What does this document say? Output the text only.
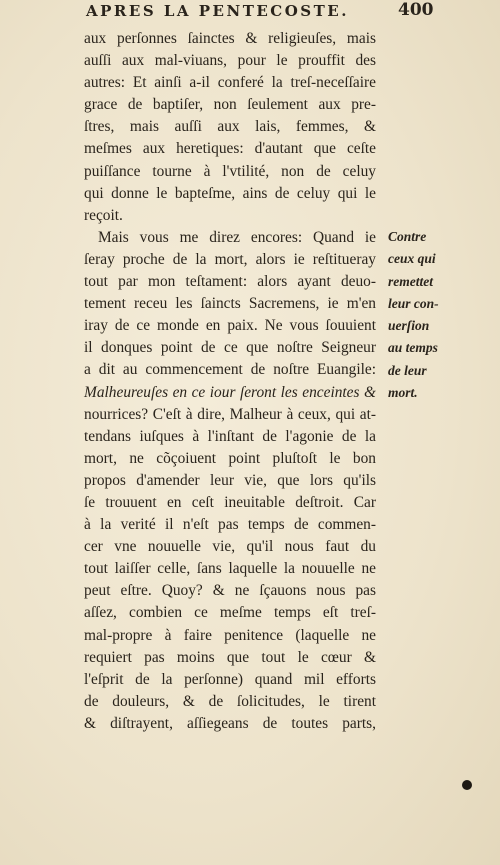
APRES LA PENTECOSTE.	400
aux perſonnes ſainctes & religieuſes, mais
auſſi aux mal-viuans, pour le prouffit des
autres: Et ainſi a-il conferé la treſ-neceſſaire
grace de baptiſer, non ſeulement aux pre-
ſtres, mais auſſi aux lais, femmes, &
meſmes aux heretiques: d'autant que ceſte
puiſſance tourne à l'vtilité, non de celuy
qui donne le bapteſme, ains de celuy qui le
reçoit.
Mais vous me direz encores: Quand ie
ſeray proche de la mort, alors ie reſtitueray
tout par mon teſtament: alors ayant deuo-
tement receu les ſaincts Sacremens, ie m'en
iray de ce monde en paix. Ne vous ſouuient
il donques point de ce que noſtre Seigneur
a dit au commencement de noſtre Euangile:
Malheureuſes en ce iour ſeront les enceintes &
nourrices? C'eſt à dire, Malheur à ceux, qui at-
tendans iuſques à l'inſtant de l'agonie de la
mort, ne cõçoiuent point pluſtoſt le bon
propos d'amender leur vie, que lors qu'ils
ſe trouuent en ceſt ineuitable deſtroit. Car
à la verité il n'eſt pas temps de commen-
cer vne nouuelle vie, qu'il nous faut du
tout laiſſer celle, ſans laquelle la nouuelle ne
peut eſtre. Quoy? & ne ſçauons nous pas
aſſez, combien ce meſme temps eſt treſ-
mal-propre à faire penitence (laquelle ne
requiert pas moins que tout le cœur &
l'eſprit de la perſonne) quand mil efforts
de douleurs, & de ſolicitudes, le tirent
& diſtrayent, aſſiegeans de toutes parts,
Contre
ceux qui
remettet
leur con-
uerſion
au temps
de leur
mort.
